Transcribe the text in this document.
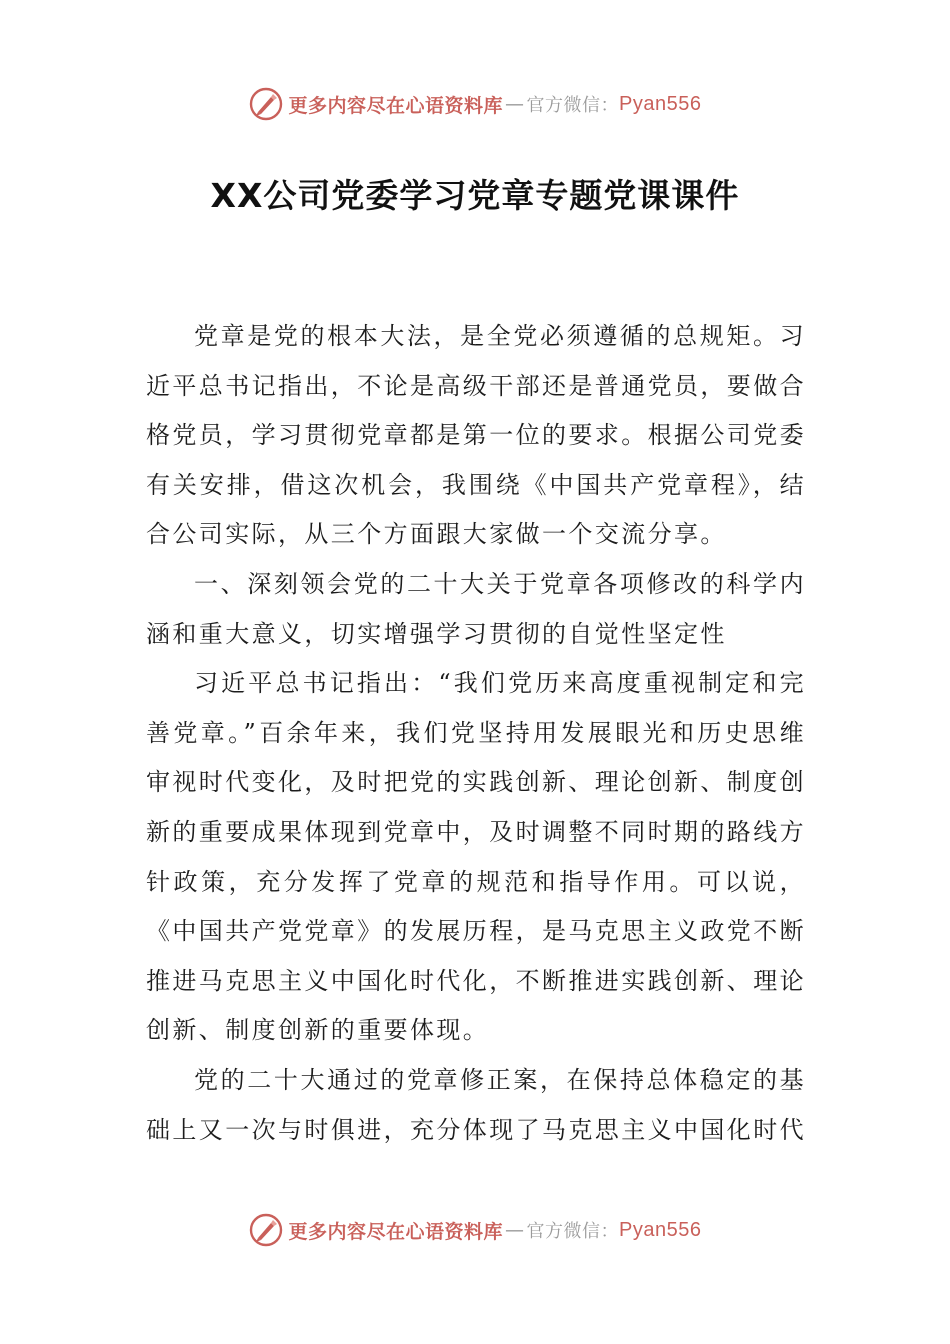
更多内容尽在心语资料库 — 官方微信： Pyan556
XX公司党委学习党章专题党课课件

党章是党的根本大法，是全党必须遵循的总规矩。习近平总书记指出，不论是高级干部还是普通党员，要做合格党员，学习贯彻党章都是第一位的要求。根据公司党委有关安排，借这次机会，我围绕《中国共产党章程》，结合公司实际，从三个方面跟大家做一个交流分享。

一、深刻领会党的二十大关于党章各项修改的科学内涵和重大意义，切实增强学习贯彻的自觉性坚定性

习近平总书记指出：“我们党历来高度重视制定和完善党章。”百余年来，我们党坚持用发展眼光和历史思维审视时代变化，及时把党的实践创新、理论创新、制度创新的重要成果体现到党章中，及时调整不同时期的路线方针政策，充分发挥了党章的规范和指导作用。可以说，《中国共产党党章》的发展历程，是马克思主义政党不断推进马克思主义中国化时代化，不断推进实践创新、理论创新、制度创新的重要体现。

党的二十大通过的党章修正案，在保持总体稳定的基础上又一次与时俱进，充分体现了马克思主义中国化时代

更多内容尽在心语资料库 — 官方微信： Pyan556
